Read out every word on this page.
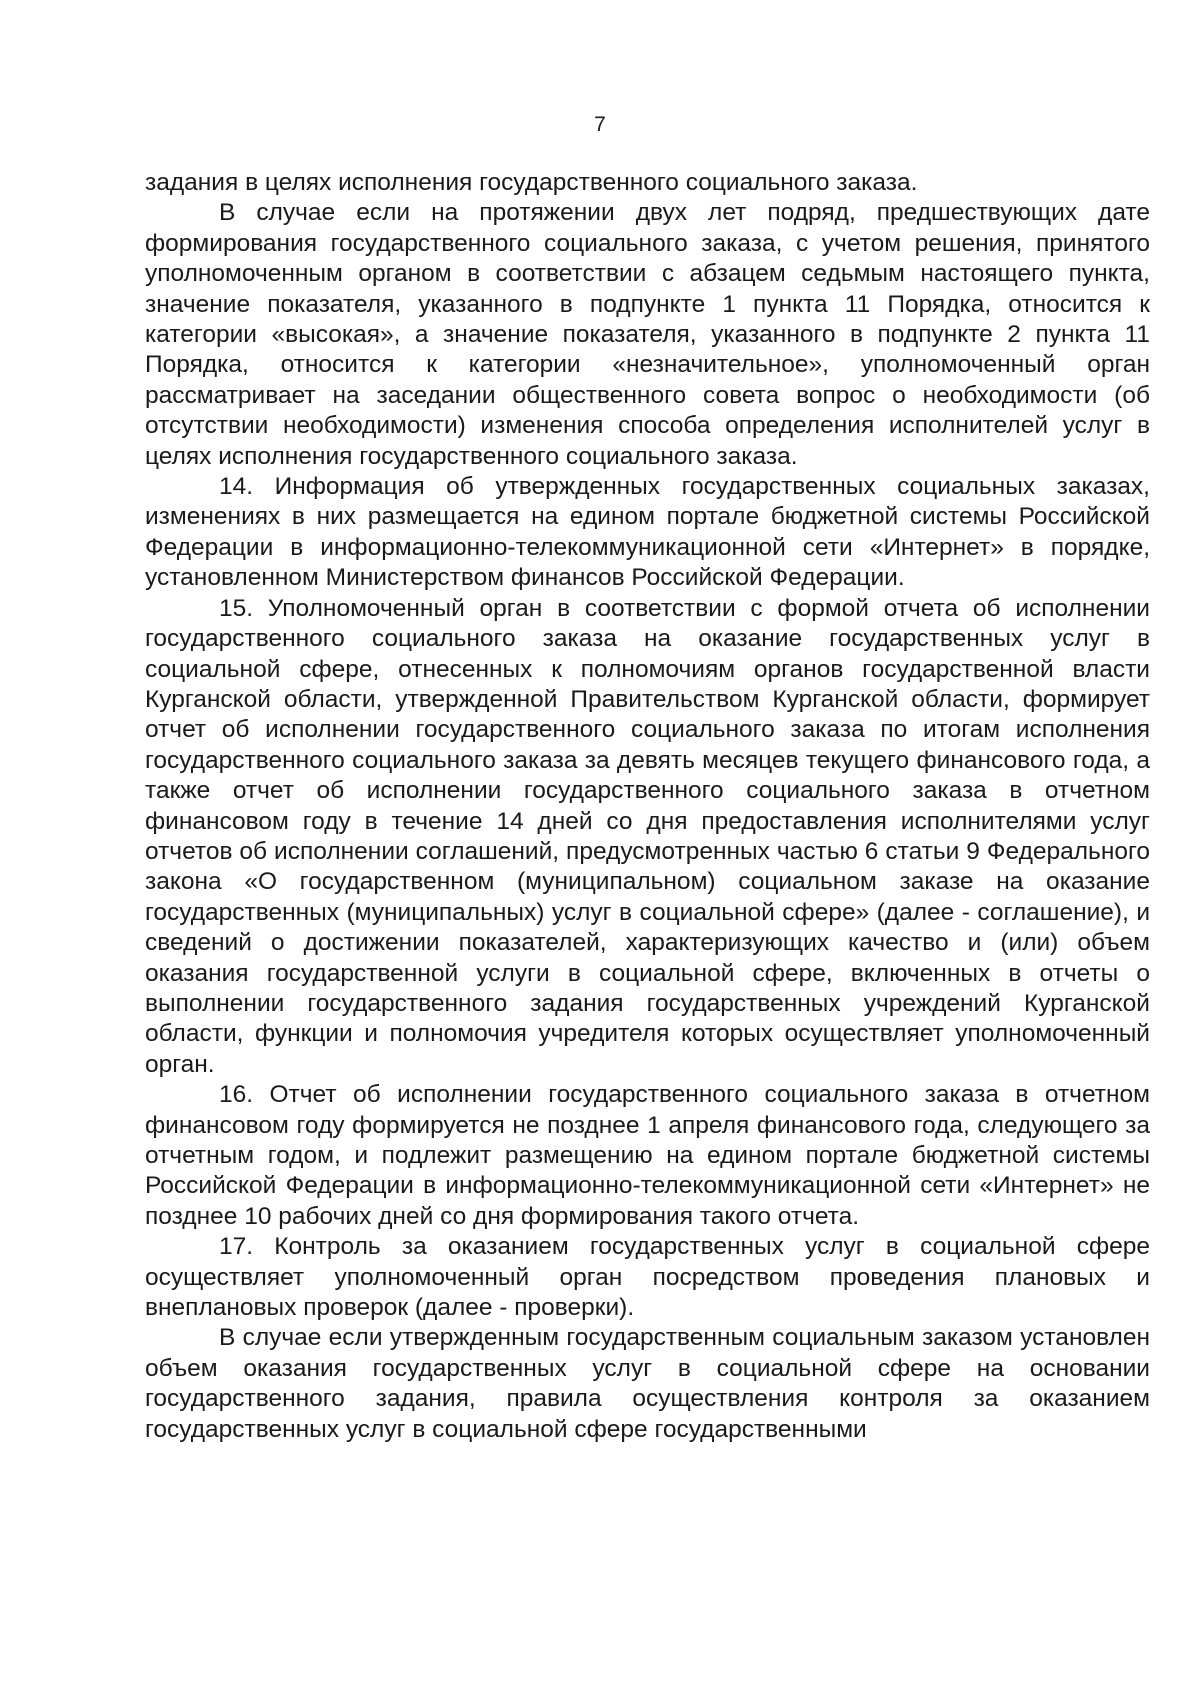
7

задания в целях исполнения государственного социального заказа.

В случае если на протяжении двух лет подряд, предшествующих дате формирования государственного социального заказа, с учетом решения, принятого уполномоченным органом в соответствии с абзацем седьмым настоящего пункта, значение показателя, указанного в подпункте 1 пункта 11 Порядка, относится к категории «высокая», а значение показателя, указанного в подпункте 2 пункта 11 Порядка, относится к категории «незначительное», уполномоченный орган рассматривает на заседании общественного совета вопрос о необходимости (об отсутствии необходимости) изменения способа определения исполнителей услуг в целях исполнения государственного социального заказа.

14. Информация об утвержденных государственных социальных заказах, изменениях в них размещается на едином портале бюджетной системы Российской Федерации в информационно-телекоммуникационной сети «Интернет» в порядке, установленном Министерством финансов Российской Федерации.

15. Уполномоченный орган в соответствии с формой отчета об исполнении государственного социального заказа на оказание государственных услуг в социальной сфере, отнесенных к полномочиям органов государственной власти Курганской области, утвержденной Правительством Курганской области, формирует отчет об исполнении государственного социального заказа по итогам исполнения государственного социального заказа за девять месяцев текущего финансового года, а также отчет об исполнении государственного социального заказа в отчетном финансовом году в течение 14 дней со дня предоставления исполнителями услуг отчетов об исполнении соглашений, предусмотренных частью 6 статьи 9 Федерального закона «О государственном (муниципальном) социальном заказе на оказание государственных (муниципальных) услуг в социальной сфере» (далее - соглашение), и сведений о достижении показателей, характеризующих качество и (или) объем оказания государственной услуги в социальной сфере, включенных в отчеты о выполнении государственного задания государственных учреждений Курганской области, функции и полномочия учредителя которых осуществляет уполномоченный орган.

16. Отчет об исполнении государственного социального заказа в отчетном финансовом году формируется не позднее 1 апреля финансового года, следующего за отчетным годом, и подлежит размещению на едином портале бюджетной системы Российской Федерации в информационно-телекоммуникационной сети «Интернет» не позднее 10 рабочих дней со дня формирования такого отчета.

17. Контроль за оказанием государственных услуг в социальной сфере осуществляет уполномоченный орган посредством проведения плановых и внеплановых проверок (далее - проверки).

В случае если утвержденным государственным социальным заказом установлен объем оказания государственных услуг в социальной сфере на основании государственного задания, правила осуществления контроля за оказанием государственных услуг в социальной сфере государственными
